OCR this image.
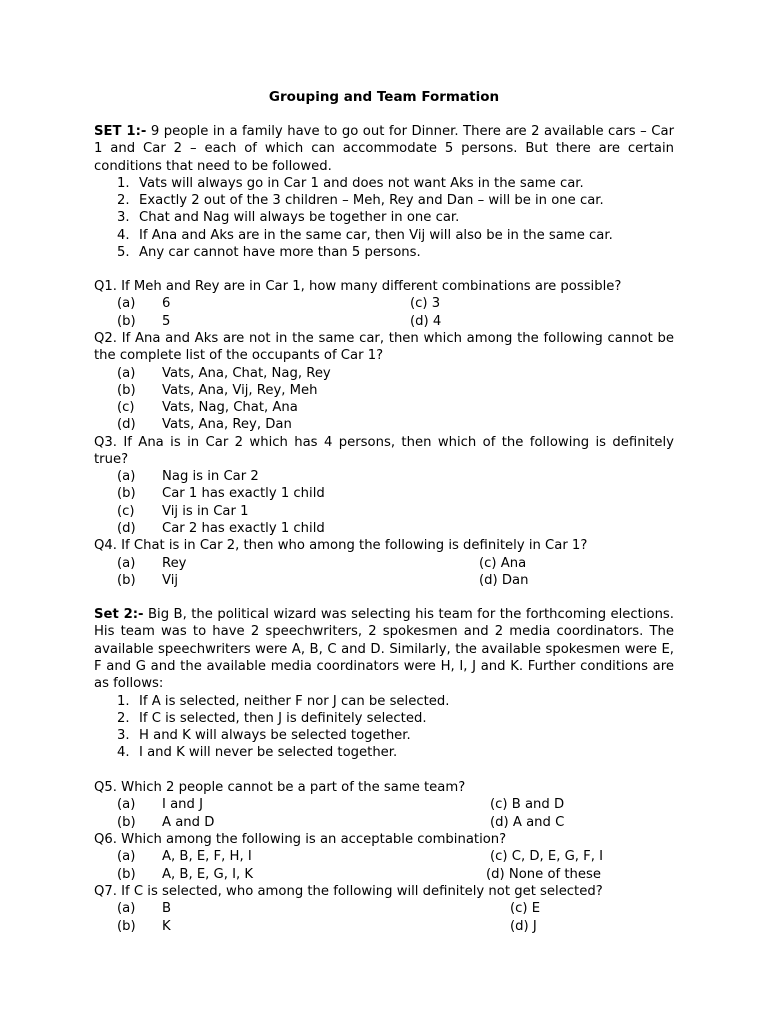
Grouping and Team Formation
SET 1:- 9 people in a family have to go out for Dinner. There are 2 available cars – Car 1 and Car 2 – each of which can accommodate 5 persons. But there are certain conditions that need to be followed.
1. Vats will always go in Car 1 and does not want Aks in the same car.
2. Exactly 2 out of the 3 children – Meh, Rey and Dan – will be in one car.
3. Chat and Nag will always be together in one car.
4. If Ana and Aks are in the same car, then Vij will also be in the same car.
5. Any car cannot have more than 5 persons.
Q1. If Meh and Rey are in Car 1, how many different combinations are possible?
(a) 6	(c) 3
(b) 5	(d) 4
Q2. If Ana and Aks are not in the same car, then which among the following cannot be the complete list of the occupants of Car 1?
(a) Vats, Ana, Chat, Nag, Rey
(b) Vats, Ana, Vij, Rey, Meh
(c) Vats, Nag, Chat, Ana
(d) Vats, Ana, Rey, Dan
Q3. If Ana is in Car 2 which has 4 persons, then which of the following is definitely true?
(a) Nag is in Car 2
(b) Car 1 has exactly 1 child
(c) Vij is in Car 1
(d) Car 2 has exactly 1 child
Q4. If Chat is in Car 2, then who among the following is definitely in Car 1?
(a) Rey	(c) Ana
(b) Vij	(d) Dan
Set 2:- Big B, the political wizard was selecting his team for the forthcoming elections. His team was to have 2 speechwriters, 2 spokesmen and 2 media coordinators. The available speechwriters were A, B, C and D. Similarly, the available spokesmen were E, F and G and the available media coordinators were H, I, J and K. Further conditions are as follows:
1. If A is selected, neither F nor J can be selected.
2. If C is selected, then J is definitely selected.
3. H and K will always be selected together.
4. I and K will never be selected together.
Q5. Which 2 people cannot be a part of the same team?
(a) I and J	(c) B and D
(b) A and D	(d) A and C
Q6. Which among the following is an acceptable combination?
(a) A, B, E, F, H, I	(c) C, D, E, G, F, I
(b) A, B, E, G, I, K	(d) None of these
Q7. If C is selected, who among the following will definitely not get selected?
(a) B	(c) E
(b) K	(d) J
